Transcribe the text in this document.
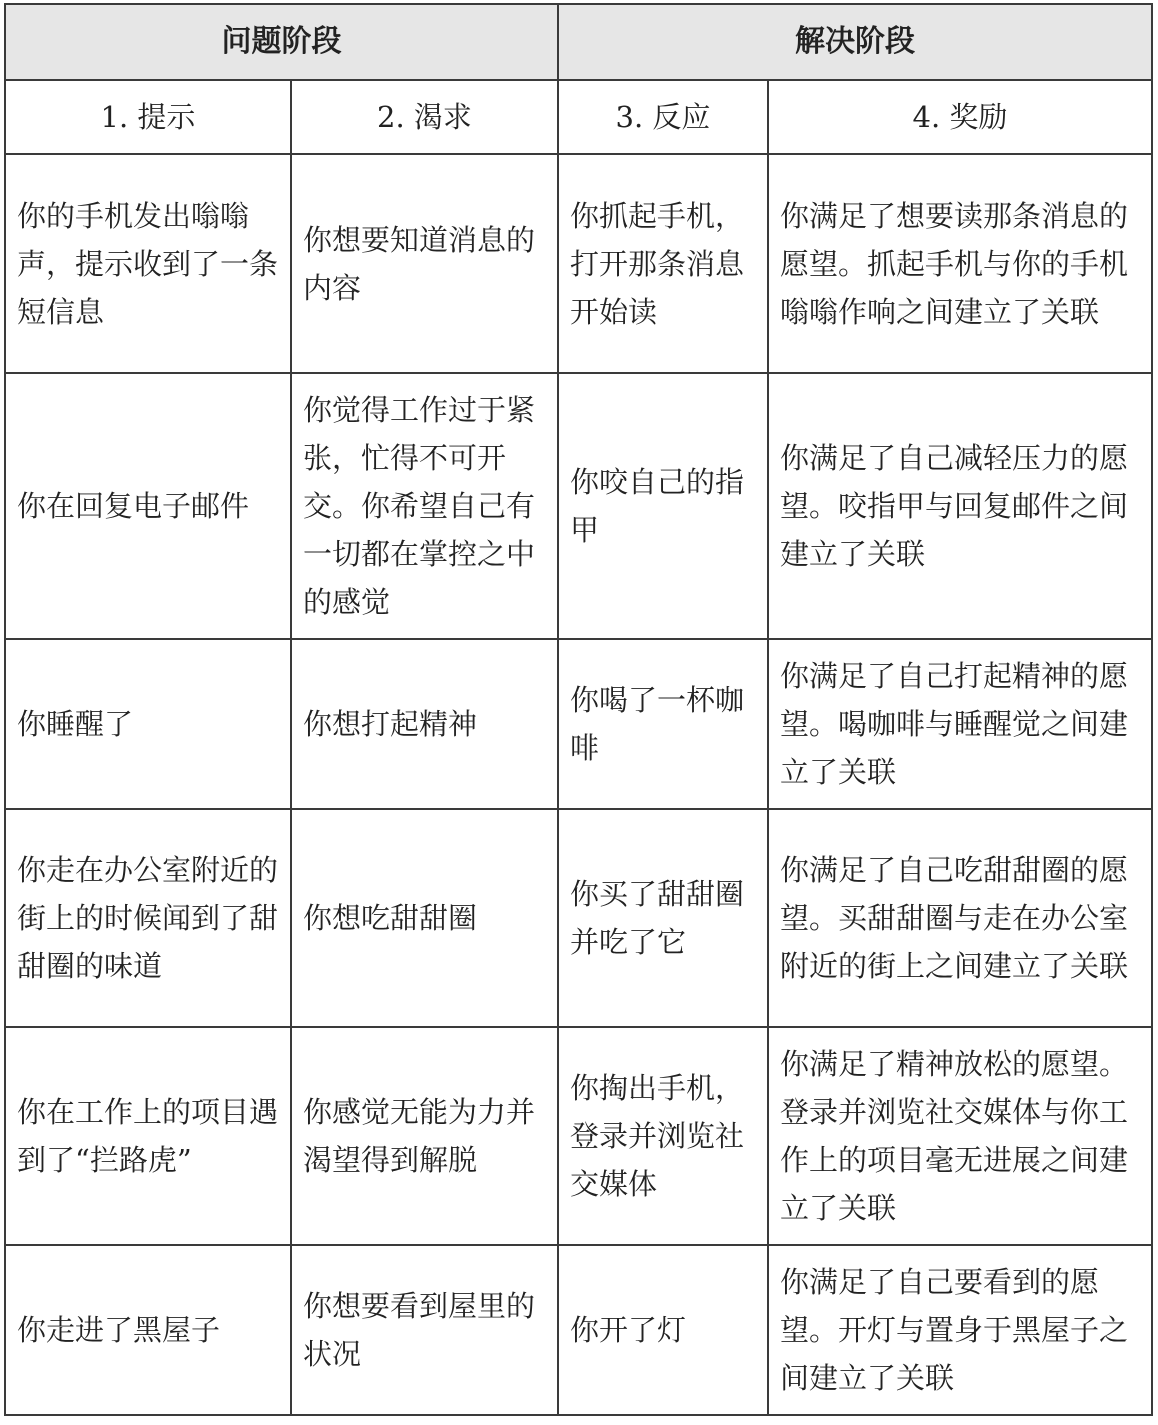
问题阶段		解决阶段	
1. 提示	2. 渴求	3. 反应	4. 奖励
你的手机发出嗡嗡声，提示收到了一条短信息	你想要知道消息的内容	你抓起手机，打开那条消息开始读	你满足了想要读那条消息的愿望。抓起手机与你的手机嗡嗡作响之间建立了关联
你在回复电子邮件	你觉得工作过于紧张，忙得不可开交。你希望自己有一切都在掌控之中的感觉	你咬自己的指甲	你满足了自己减轻压力的愿望。咬指甲与回复邮件之间建立了关联
你睡醒了	你想打起精神	你喝了一杯咖啡	你满足了自己打起精神的愿望。喝咖啡与睡醒觉之间建立了关联
你走在办公室附近的街上的时候闻到了甜甜圈的味道	你想吃甜甜圈	你买了甜甜圈并吃了它	你满足了自己吃甜甜圈的愿望。买甜甜圈与走在办公室附近的街上之间建立了关联
你在工作上的项目遇到了“拦路虎”	你感觉无能为力并渴望得到解脱	你掏出手机，登录并浏览社交媒体	你满足了精神放松的愿望。登录并浏览社交媒体与你工作上的项目毫无进展之间建立了关联
你走进了黑屋子	你想要看到屋里的状况	你开了灯	你满足了自己要看到的愿望。开灯与置身于黑屋子之间建立了关联
